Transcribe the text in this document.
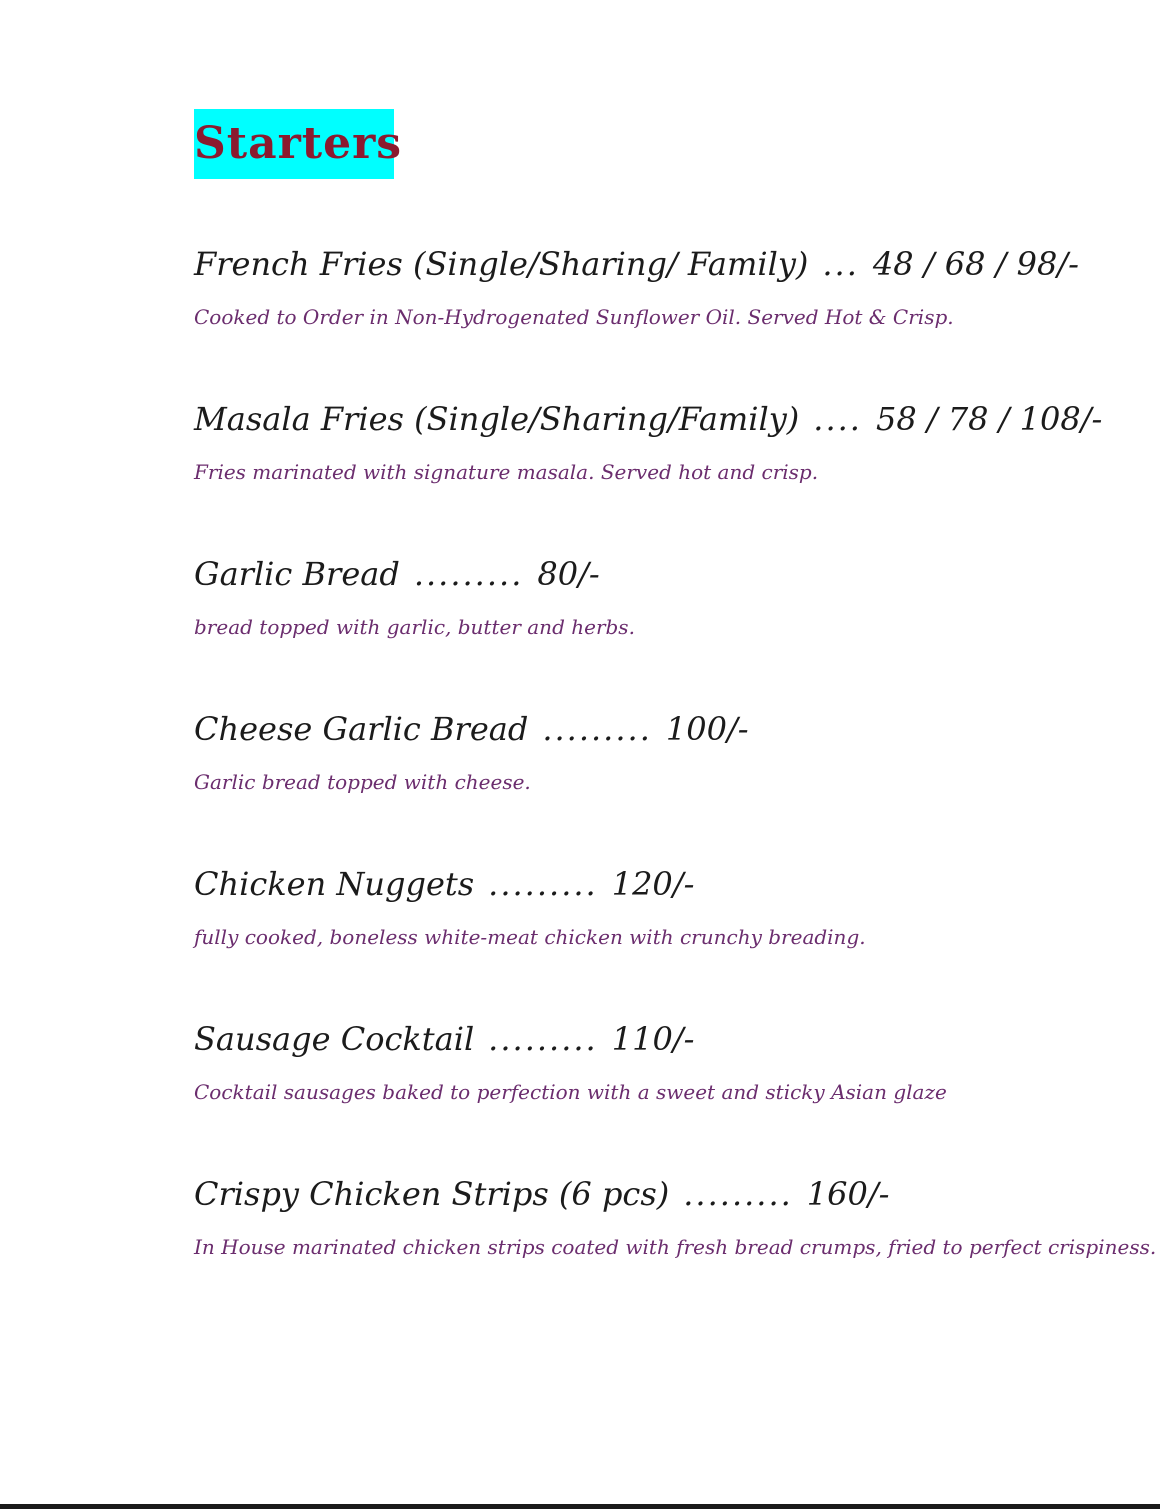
Starters
French Fries (Single/Sharing/ Family) ... 48 / 68 / 98/-
Cooked to Order in Non-Hydrogenated Sunflower Oil. Served Hot & Crisp.
Masala Fries (Single/Sharing/Family) .... 58 / 78 / 108/-
Fries marinated with signature masala. Served hot and crisp.
Garlic Bread ......... 80/-
bread topped with garlic, butter and herbs.
Cheese Garlic Bread ......... 100/-
Garlic bread topped with cheese.
Chicken Nuggets ......... 120/-
fully cooked, boneless white-meat chicken with crunchy breading.
Sausage Cocktail ......... 110/-
Cocktail sausages baked to perfection with a sweet and sticky Asian glaze
Crispy Chicken Strips (6 pcs) ......... 160/-
In House marinated chicken strips coated with fresh bread crumps, fried to perfect crispiness.
